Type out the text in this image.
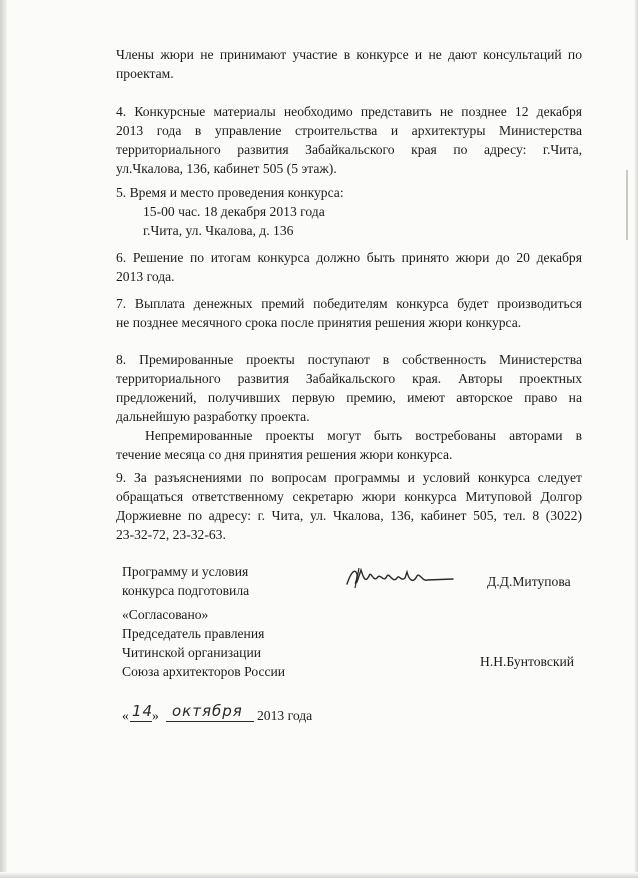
Члены жюри не принимают участие в конкурсе и не дают консультаций по

проектам.

4. Конкурсные материалы необходимо представить не позднее 12 декабря

2013 года в управление строительства и архитектуры Министерства

территориального развития Забайкальского края по адресу: г.Чита,

ул.Чкалова, 136, кабинет 505 (5 этаж).

5. Время и место проведения конкурса:

15-00 час. 18 декабря 2013 года

г.Чита, ул. Чкалова, д. 136

6. Решение по итогам конкурса должно быть принято жюри до 20 декабря

2013 года.

7. Выплата денежных премий победителям конкурса будет производиться

не позднее месячного срока после принятия решения жюри конкурса.

8. Премированные проекты поступают в собственность Министерства

территориального развития Забайкальского края. Авторы проектных

предложений, получивших первую премию, имеют авторское право на

дальнейшую разработку проекта.

Непремированные проекты могут быть востребованы авторами в

течение месяца со дня принятия решения жюри конкурса.

9. За разъяснениями по вопросам программы и условий конкурса следует

обращаться ответственному секретарю жюри конкурса Митуповой Долгор

Доржиевне по адресу: г. Чита, ул. Чкалова, 136, кабинет 505, тел. 8 (3022)

23-32-72, 23-32-63.

Программу и условия

конкурса подготовила

Д.Д.Митупова

«Согласовано»

Председатель правления

Читинской организации

Союза архитекторов России

Н.Н.Бунтовский

« 14

» октября 2013 года
